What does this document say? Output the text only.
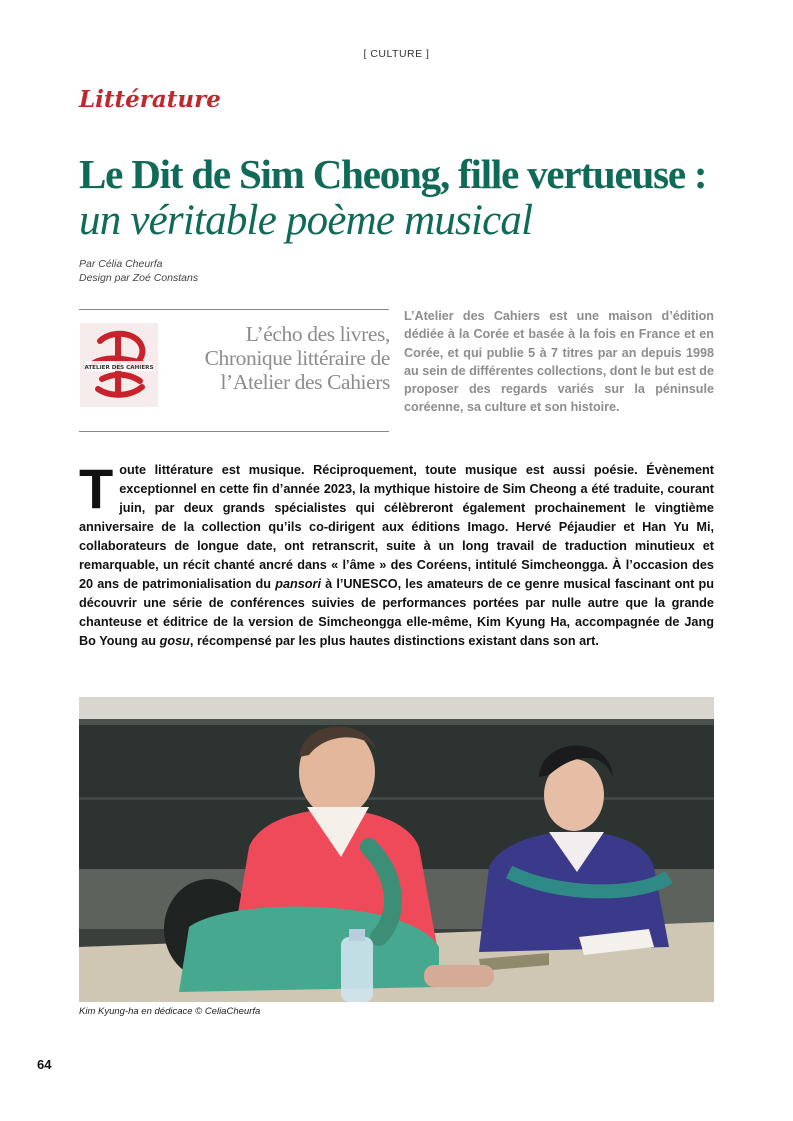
[ CULTURE ]
Littérature
Le Dit de Sim Cheong, fille vertueuse :
un véritable poème musical
Par Célia Cheurfa
Design par Zoé Constans
ATELIER DES CAHIERS
L’écho des livres,
Chronique littéraire de
l’Atelier des Cahiers
L’Atelier des Cahiers est une maison d’édition dédiée à la Corée et basée à la fois en France et en Corée, et qui publie 5 à 7 titres par an depuis 1998 au sein de différentes collections, dont le but est de proposer des regards variés sur la péninsule coréenne, sa culture et son histoire.
Toute littérature est musique. Réciproquement, toute musique est aussi poésie. Évènement exceptionnel en cette fin d’année 2023, la mythique histoire de Sim Cheong a été traduite, courant juin, par deux grands spécialistes qui célèbreront également prochainement le vingtième anniversaire de la collection qu’ils co-dirigent aux éditions Imago. Hervé Péjaudier et Han Yu Mi, collaborateurs de longue date, ont retranscrit, suite à un long travail de traduction minutieux et remarquable, un récit chanté ancré dans « l’âme » des Coréens, intitulé Simcheongga. À l’occasion des 20 ans de patrimonialisation du pansori à l’UNESCO, les amateurs de ce genre musical fascinant ont pu découvrir une série de conférences suivies de performances portées par nulle autre que la grande chanteuse et éditrice de la version de Simcheongga elle-même, Kim Kyung Ha, accompagnée de Jang Bo Young au gosu, récompensé par les plus hautes distinctions existant dans son art.
Kim Kyung-ha en dédicace © CeliaCheurfa
64
